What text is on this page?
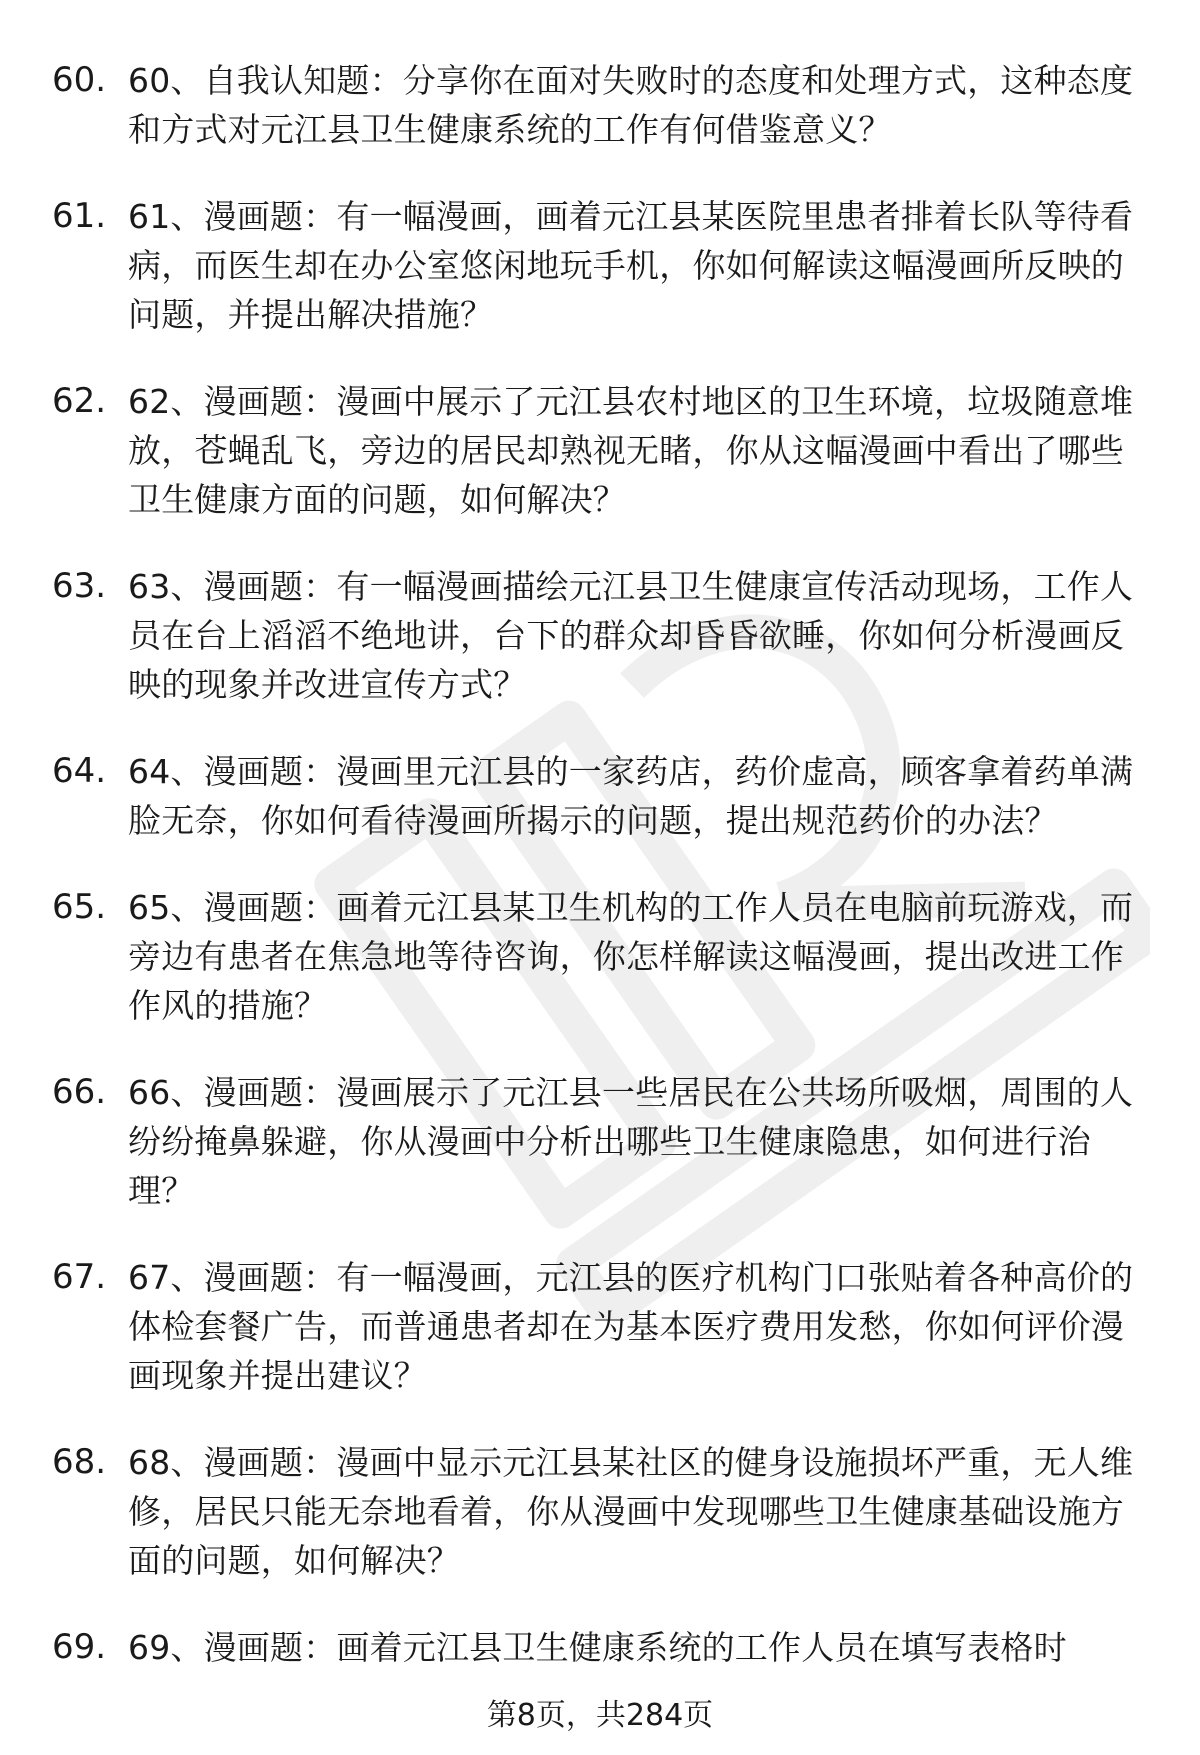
60. 60、自我认知题：分享你在面对失败时的态度和处理方式，这种态度和方式对元江县卫生健康系统的工作有何借鉴意义？
61. 61、漫画题：有一幅漫画，画着元江县某医院里患者排着长队等待看病，而医生却在办公室悠闲地玩手机，你如何解读这幅漫画所反映的问题，并提出解决措施？
62. 62、漫画题：漫画中展示了元江县农村地区的卫生环境，垃圾随意堆放，苍蝇乱飞，旁边的居民却熟视无睹，你从这幅漫画中看出了哪些卫生健康方面的问题，如何解决？
63. 63、漫画题：有一幅漫画描绘元江县卫生健康宣传活动现场，工作人员在台上滔滔不绝地讲，台下的群众却昏昏欲睡，你如何分析漫画反映的现象并改进宣传方式？
64. 64、漫画题：漫画里元江县的一家药店，药价虚高，顾客拿着药单满脸无奈，你如何看待漫画所揭示的问题，提出规范药价的办法？
65. 65、漫画题：画着元江县某卫生机构的工作人员在电脑前玩游戏，而旁边有患者在焦急地等待咨询，你怎样解读这幅漫画，提出改进工作作风的措施？
66. 66、漫画题：漫画展示了元江县一些居民在公共场所吸烟，周围的人纷纷掩鼻躲避，你从漫画中分析出哪些卫生健康隐患，如何进行治理？
67. 67、漫画题：有一幅漫画，元江县的医疗机构门口张贴着各种高价的体检套餐广告，而普通患者却在为基本医疗费用发愁，你如何评价漫画现象并提出建议？
68. 68、漫画题：漫画中显示元江县某社区的健身设施损坏严重，无人维修，居民只能无奈地看着，你从漫画中发现哪些卫生健康基础设施方面的问题，如何解决？
69. 69、漫画题：画着元江县卫生健康系统的工作人员在填写表格时
第8页，共284页
